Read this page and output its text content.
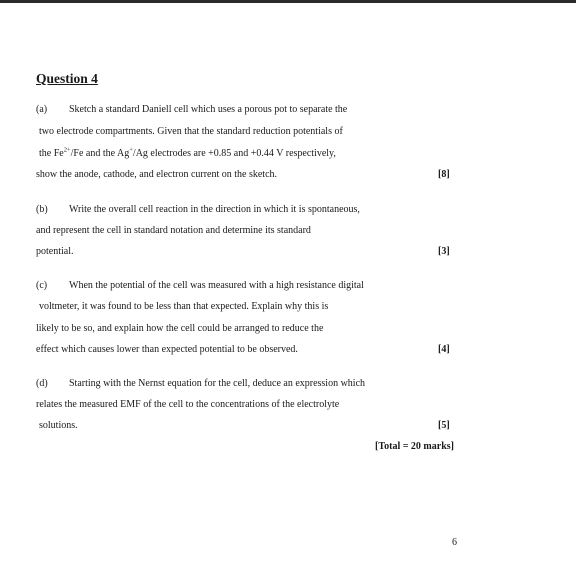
Question 4
(a) Sketch a standard Daniell cell which uses a porous pot to separate the
two electrode compartments. Given that the standard reduction potentials of
the $Fe^{2+}/Fe$ and the Ag+/Ag electrodes are +0.85 and +0.44 V respectively,
show the anode, cathode, and electron current on the sketch.	[8]
(b) Write the overall cell reaction in the direction in which it is spontaneous,
and represent the cell in standard notation and determine its standard
potential.	[3]
(c) When the potential of the cell was measured with a high resistance digital
voltmeter, it was found to be less than that expected. Explain why this is
likely to be so, and explain how the cell could be arranged to reduce the
effect which causes lower than expected potential to be observed.	[4]
(d) Starting with the Nernst equation for the cell, deduce an expression which
relates the measured EMF of the cell to the concentrations of the electrolyte
solutions.	[5]
[Total = 20 marks]
6
